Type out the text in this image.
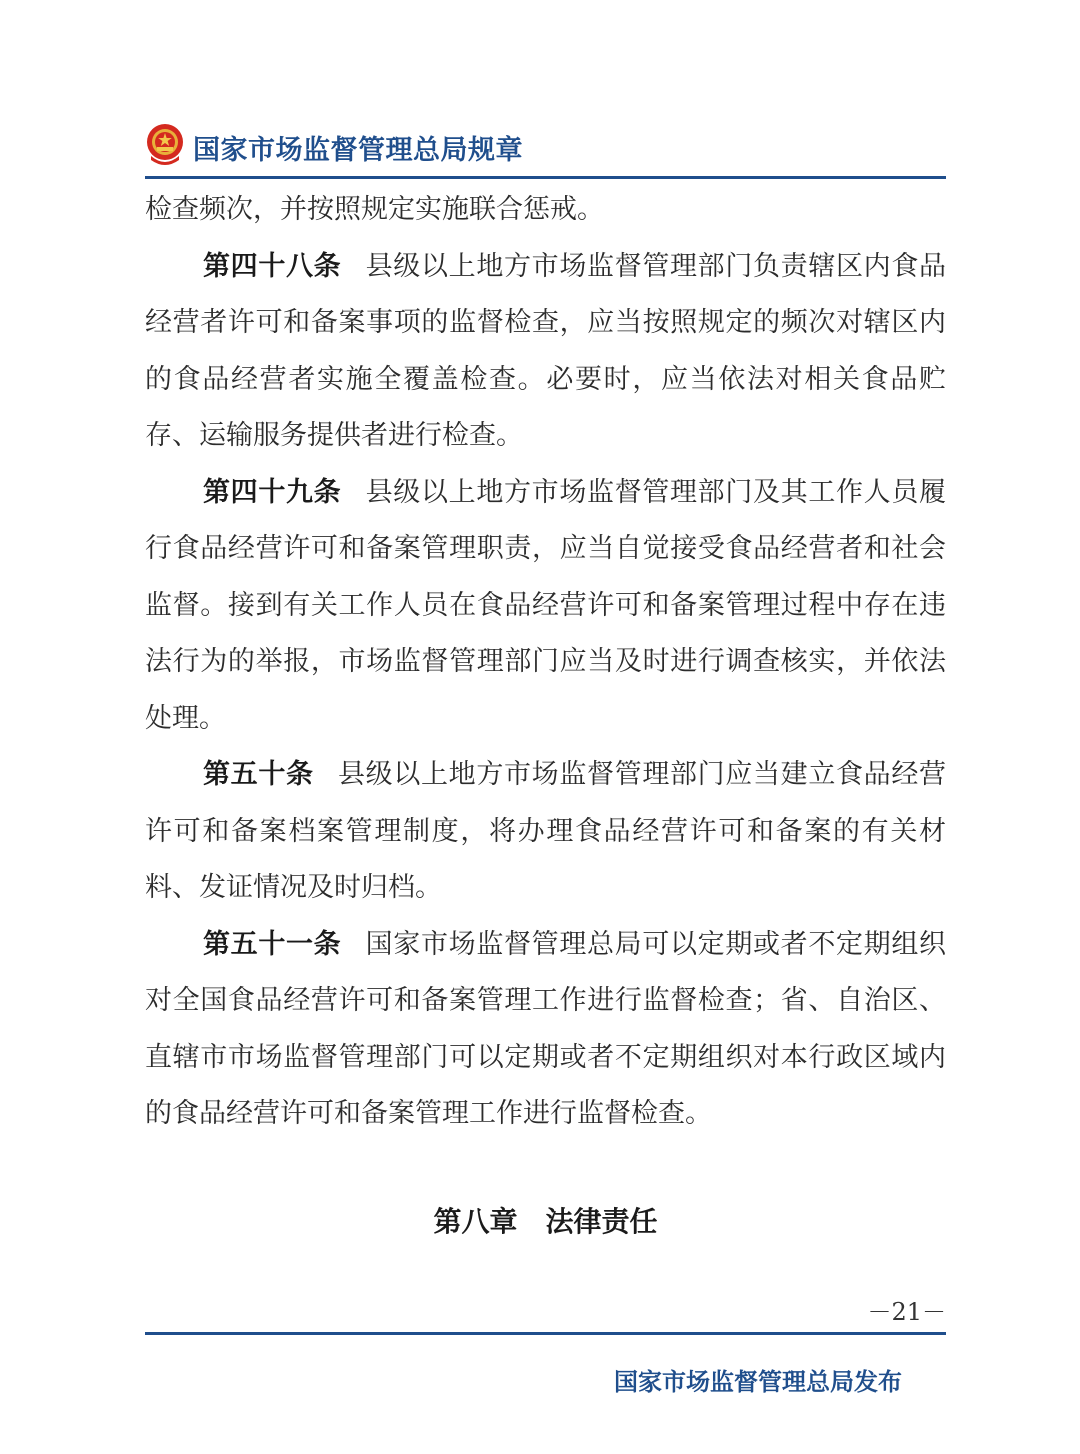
国家市场监督管理总局规章

检查频次，并按照规定实施联合惩戒。

第四十八条 县级以上地方市场监督管理部门负责辖区内食品经营者许可和备案事项的监督检查，应当按照规定的频次对辖区内的食品经营者实施全覆盖检查。必要时，应当依法对相关食品贮存、运输服务提供者进行检查。

第四十九条 县级以上地方市场监督管理部门及其工作人员履行食品经营许可和备案管理职责，应当自觉接受食品经营者和社会监督。接到有关工作人员在食品经营许可和备案管理过程中存在违法行为的举报，市场监督管理部门应当及时进行调查核实，并依法处理。

第五十条 县级以上地方市场监督管理部门应当建立食品经营许可和备案档案管理制度，将办理食品经营许可和备案的有关材料、发证情况及时归档。

第五十一条 国家市场监督管理总局可以定期或者不定期组织对全国食品经营许可和备案管理工作进行监督检查；省、自治区、直辖市市场监督管理部门可以定期或者不定期组织对本行政区域内的食品经营许可和备案管理工作进行监督检查。

第八章　法律责任
－21－
国家市场监督管理总局发布
